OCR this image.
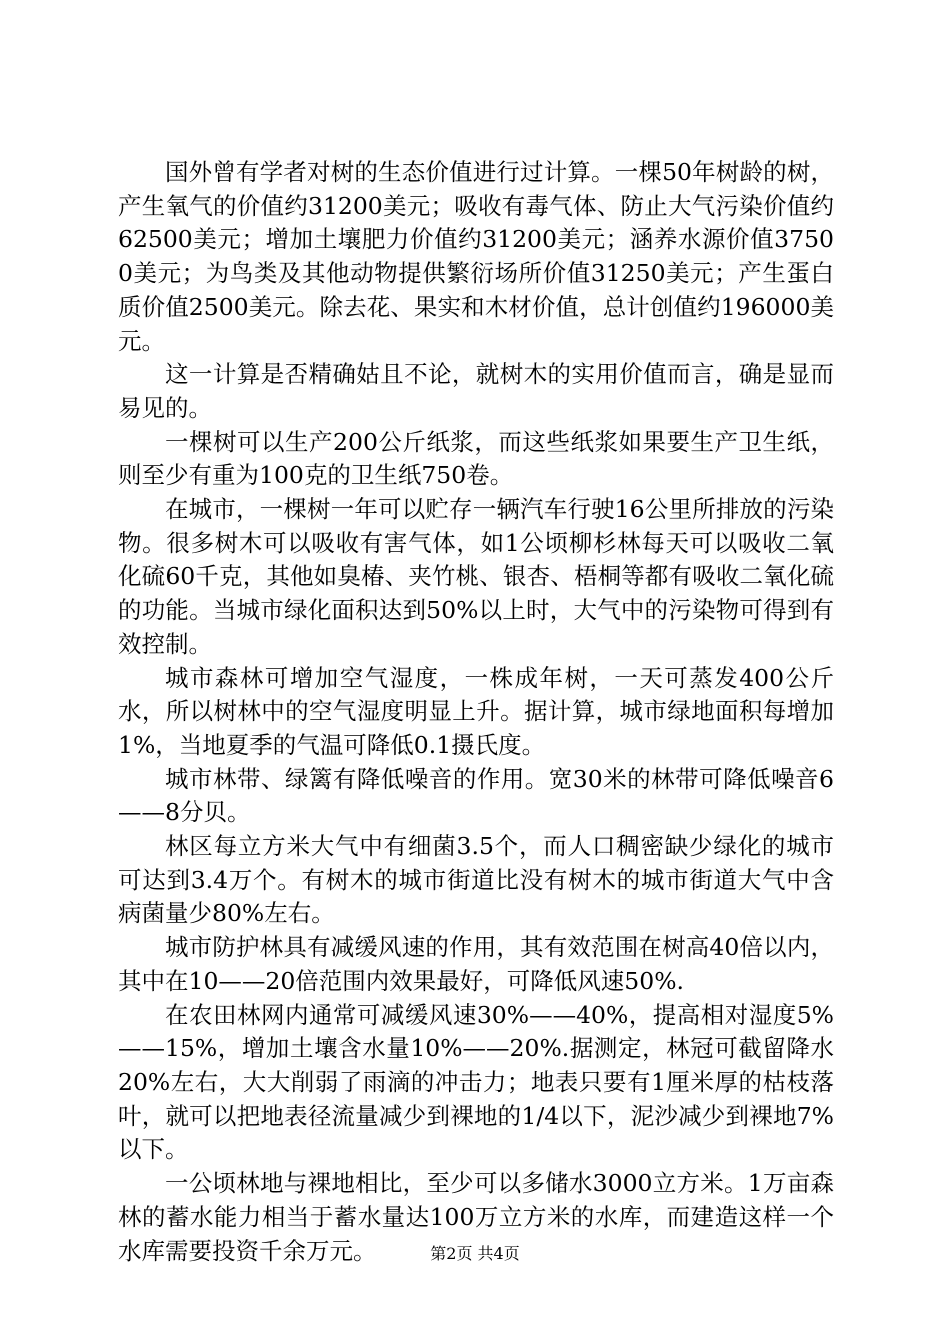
国外曾有学者对树的生态价值进行过计算。一棵50年树龄的树，产生氧气的价值约31200美元；吸收有毒气体、防止大气污染价值约62500美元；增加土壤肥力价值约31200美元；涵养水源价值37500美元；为鸟类及其他动物提供繁衍场所价值31250美元；产生蛋白质价值2500美元。除去花、果实和木材价值，总计创值约196000美元。

这一计算是否精确姑且不论，就树木的实用价值而言，确是显而易见的。

一棵树可以生产200公斤纸浆，而这些纸浆如果要生产卫生纸，则至少有重为100克的卫生纸750卷。

在城市，一棵树一年可以贮存一辆汽车行驶16公里所排放的污染物。很多树木可以吸收有害气体，如1公顷柳杉林每天可以吸收二氧化硫60千克，其他如臭椿、夹竹桃、银杏、梧桐等都有吸收二氧化硫的功能。当城市绿化面积达到50%以上时，大气中的污染物可得到有效控制。

城市森林可增加空气湿度，一株成年树，一天可蒸发400公斤水，所以树林中的空气湿度明显上升。据计算，城市绿地面积每增加1%，当地夏季的气温可降低0.1摄氏度。

城市林带、绿篱有降低噪音的作用。宽30米的林带可降低噪音6——8分贝。

林区每立方米大气中有细菌3.5个，而人口稠密缺少绿化的城市可达到3.4万个。有树木的城市街道比没有树木的城市街道大气中含病菌量少80%左右。

城市防护林具有减缓风速的作用，其有效范围在树高40倍以内，其中在10——20倍范围内效果最好，可降低风速50%.

在农田林网内通常可减缓风速30%——40%，提高相对湿度5%——15%，增加土壤含水量10%——20%.据测定，林冠可截留降水20%左右，大大削弱了雨滴的冲击力；地表只要有1厘米厚的枯枝落叶，就可以把地表径流量减少到裸地的1/4以下，泥沙减少到裸地7%以下。

一公顷林地与裸地相比，至少可以多储水3000立方米。1万亩森林的蓄水能力相当于蓄水量达100万立方米的水库，而建造这样一个水库需要投资千余万元。	第2页 共4页
